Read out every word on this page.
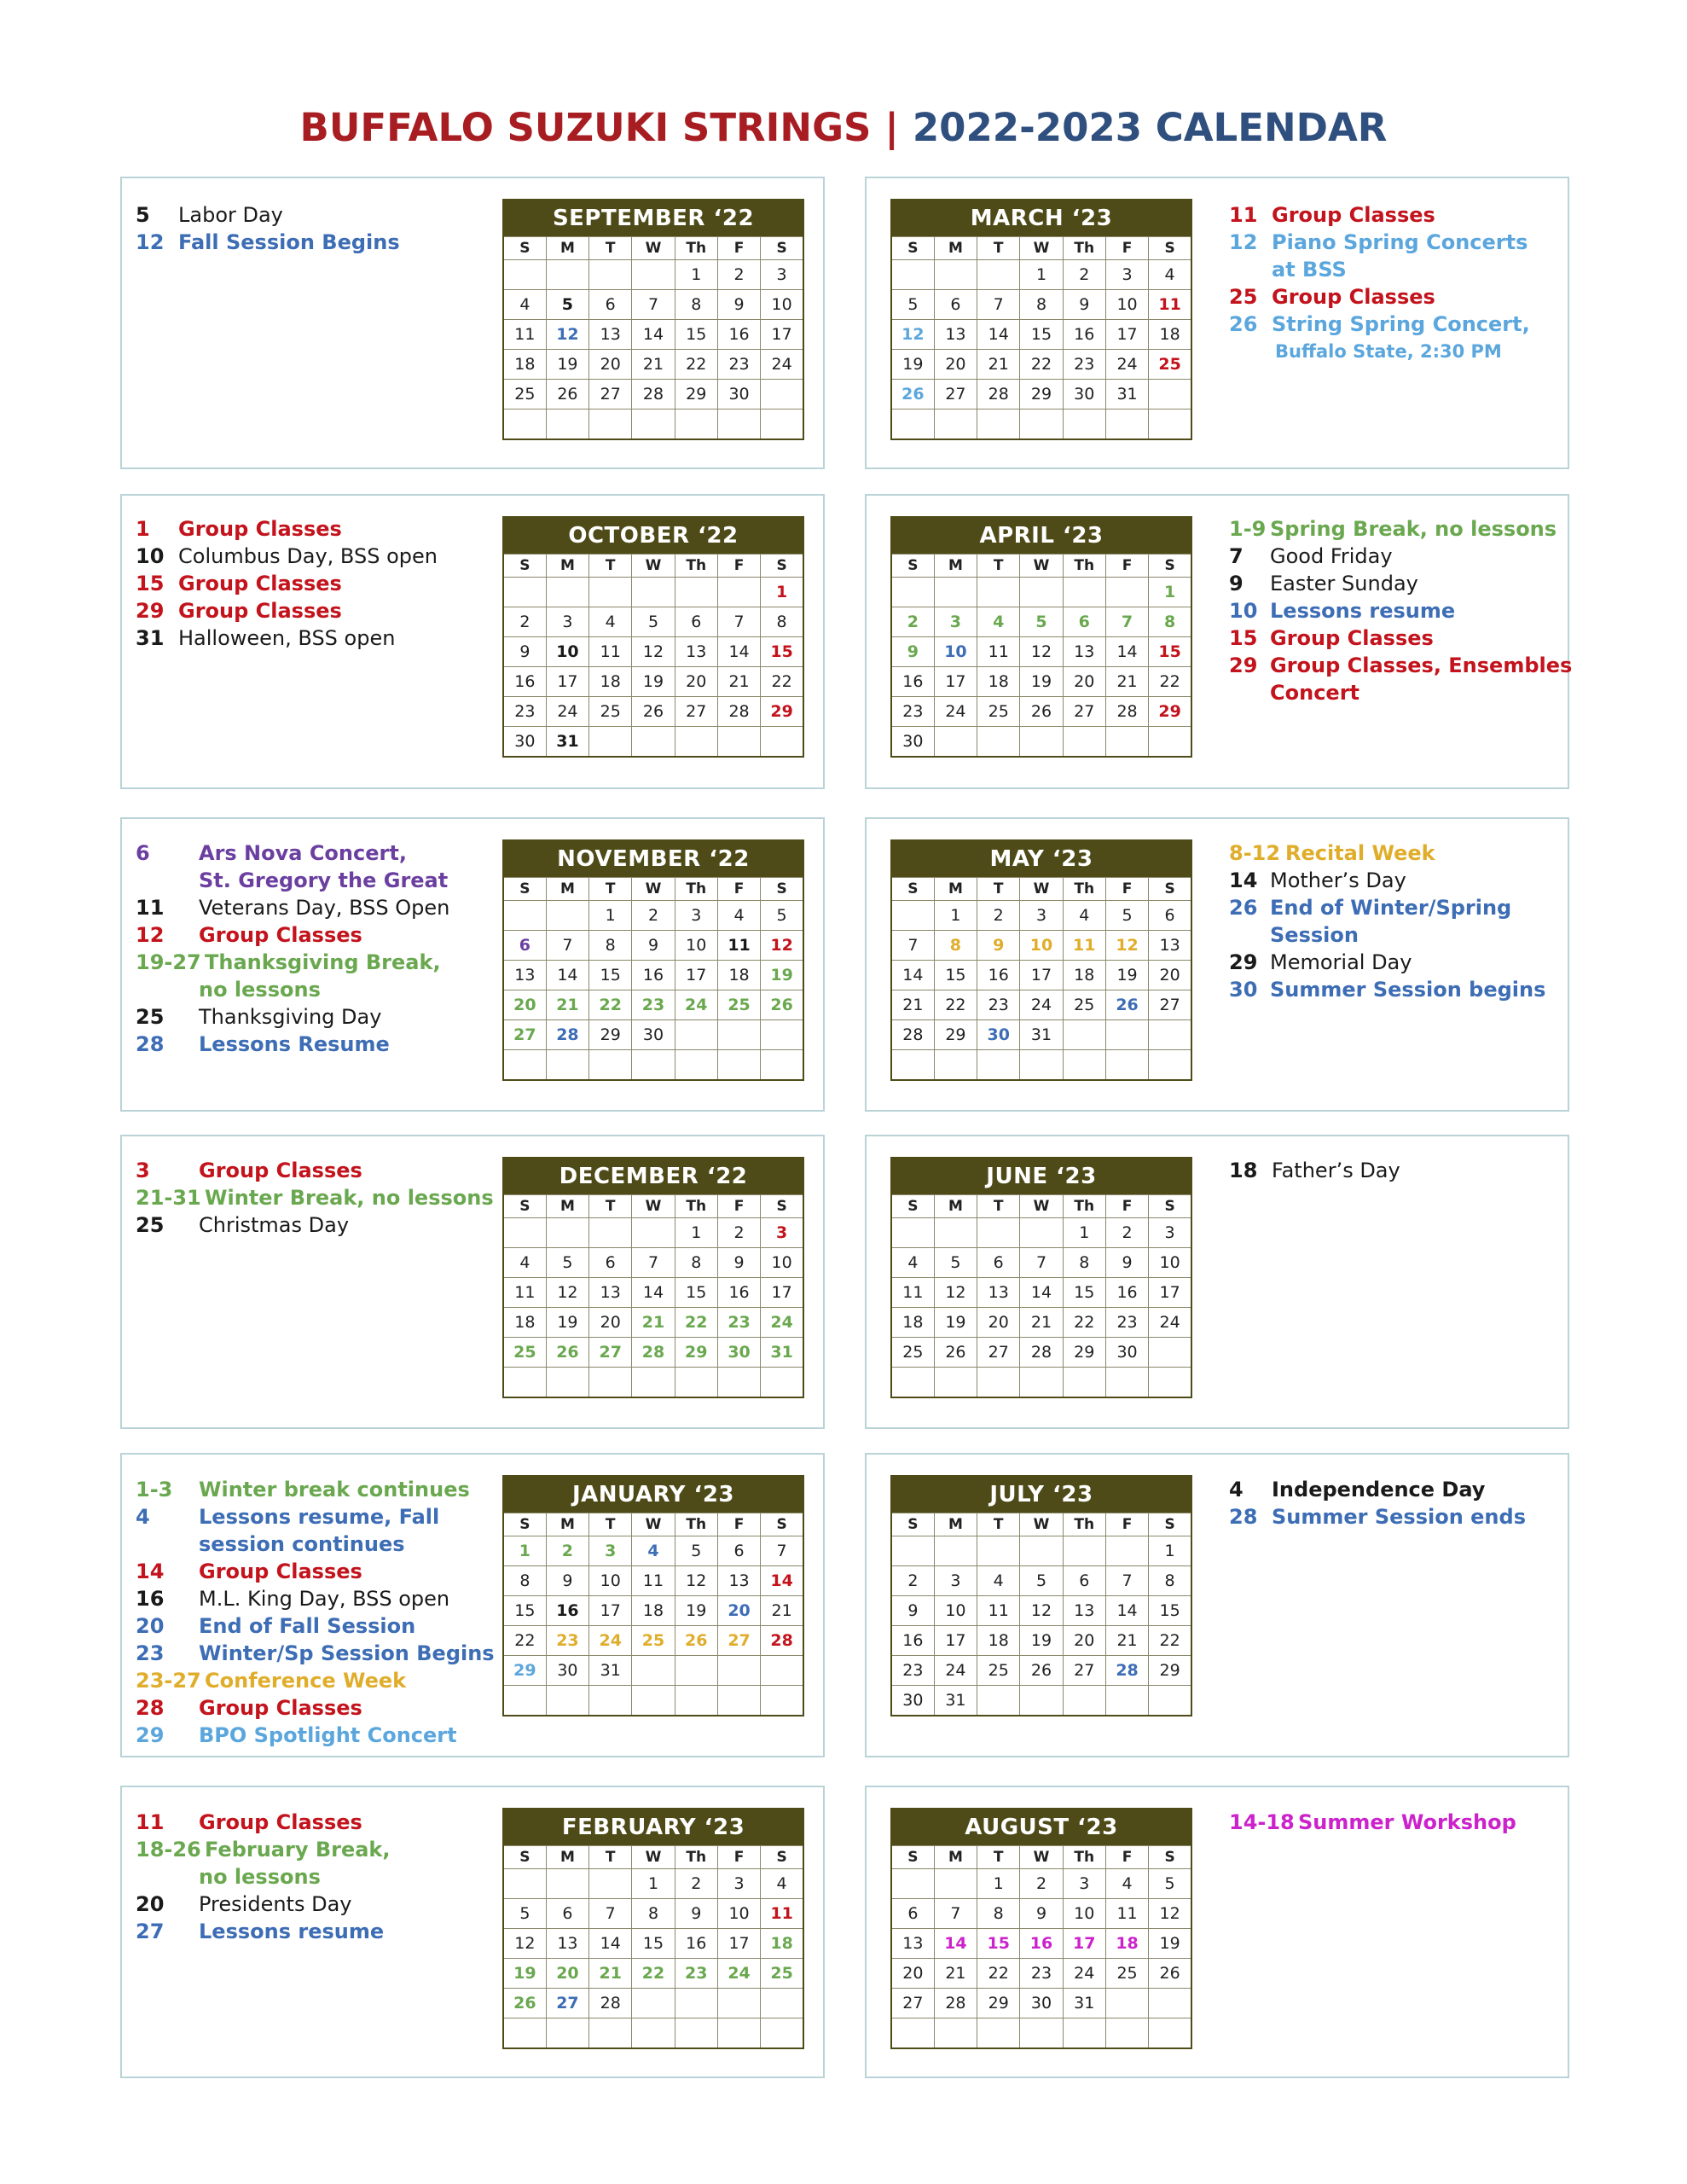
BUFFALO SUZUKI STRINGS | 2022-2023 CALENDAR
SEPTEMBER ‘22
S	M	T	W	Th	F	S
				1	2	3
4	5	6	7	8	9	10
11	12	13	14	15	16	17
18	19	20	21	22	23	24
25	26	27	28	29	30	

5	Labor Day
12 Fall Session Begins
OCTOBER ‘22
S	M	T	W	Th	F	S
						1
2	3	4	5	6	7	8
9	10	11	12	13	14	15
16	17	18	19	20	21	22
23	24	25	26	27	28	29
30	31					
1	Group Classes
10 Columbus Day, BSS open
15 Group Classes
29 Group Classes
31 Halloween, BSS open
NOVEMBER ‘22
S	M	T	W	Th	F	S
		1	2	3	4	5
6	7	8	9	10	11	12
13	14	15	16	17	18	19
20	21	22	23	24	25	26
27	28	29	30			

6	Ars Nova Concert,
St. Gregory the Great
11	Veterans Day, BSS Open
12	Group Classes
19-27 Thanksgiving Break,
no lessons
25	Thanksgiving Day
28	Lessons Resume
DECEMBER ‘22
S	M	T	W	Th	F	S
				1	2	3
4	5	6	7	8	9	10
11	12	13	14	15	16	17
18	19	20	21	22	23	24
25	26	27	28	29	30	31

3	Group Classes
21-31 Winter Break, no lessons
25	Christmas Day
JANUARY ‘23
S	M	T	W	Th	F	S
1	2	3	4	5	6	7
8	9	10	11	12	13	14
15	16	17	18	19	20	21
22	23	24	25	26	27	28
29	30	31				

1-3	Winter break continues
4	Lessons resume, Fall
session continues
14	Group Classes
16	M.L. King Day, BSS open
20	End of Fall Session
23	Winter/Sp Session Begins
23-27 Conference Week
28	Group Classes
29	BPO Spotlight Concert
FEBRUARY ‘23
S	M	T	W	Th	F	S
			1	2	3	4
5	6	7	8	9	10	11
12	13	14	15	16	17	18
19	20	21	22	23	24	25
26	27	28				

11	Group Classes
18-26 February Break,
no lessons
20	Presidents Day
27	Lessons resume
MARCH ‘23
S	M	T	W	Th	F	S
			1	2	3	4
5	6	7	8	9	10	11
12	13	14	15	16	17	18
19	20	21	22	23	24	25
26	27	28	29	30	31	

11 Group Classes
12 Piano Spring Concerts
at BSS
25 Group Classes
26 String Spring Concert,
Buffalo State, 2:30 PM
APRIL ‘23
S	M	T	W	Th	F	S
						1
2	3	4	5	6	7	8
9	10	11	12	13	14	15
16	17	18	19	20	21	22
23	24	25	26	27	28	29
30						
1-9 Spring Break, no lessons
7	Good Friday
9	Easter Sunday
10 Lessons resume
15 Group Classes
29 Group Classes, Ensembles
Concert
MAY ‘23
S	M	T	W	Th	F	S
	1	2	3	4	5	6
7	8	9	10	11	12	13
14	15	16	17	18	19	20
21	22	23	24	25	26	27
28	29	30	31			

8-12 Recital Week
14 Mother’s Day
26 End of Winter/Spring
Session
29 Memorial Day
30 Summer Session begins
JUNE ‘23
S	M	T	W	Th	F	S
				1	2	3
4	5	6	7	8	9	10
11	12	13	14	15	16	17
18	19	20	21	22	23	24
25	26	27	28	29	30	

18 Father’s Day
JULY ‘23
S	M	T	W	Th	F	S
						1
2	3	4	5	6	7	8
9	10	11	12	13	14	15
16	17	18	19	20	21	22
23	24	25	26	27	28	29
30	31					
4	Independence Day
28 Summer Session ends
AUGUST ‘23
S	M	T	W	Th	F	S
		1	2	3	4	5
6	7	8	9	10	11	12
13	14	15	16	17	18	19
20	21	22	23	24	25	26
27	28	29	30	31		

14-18 Summer Workshop
